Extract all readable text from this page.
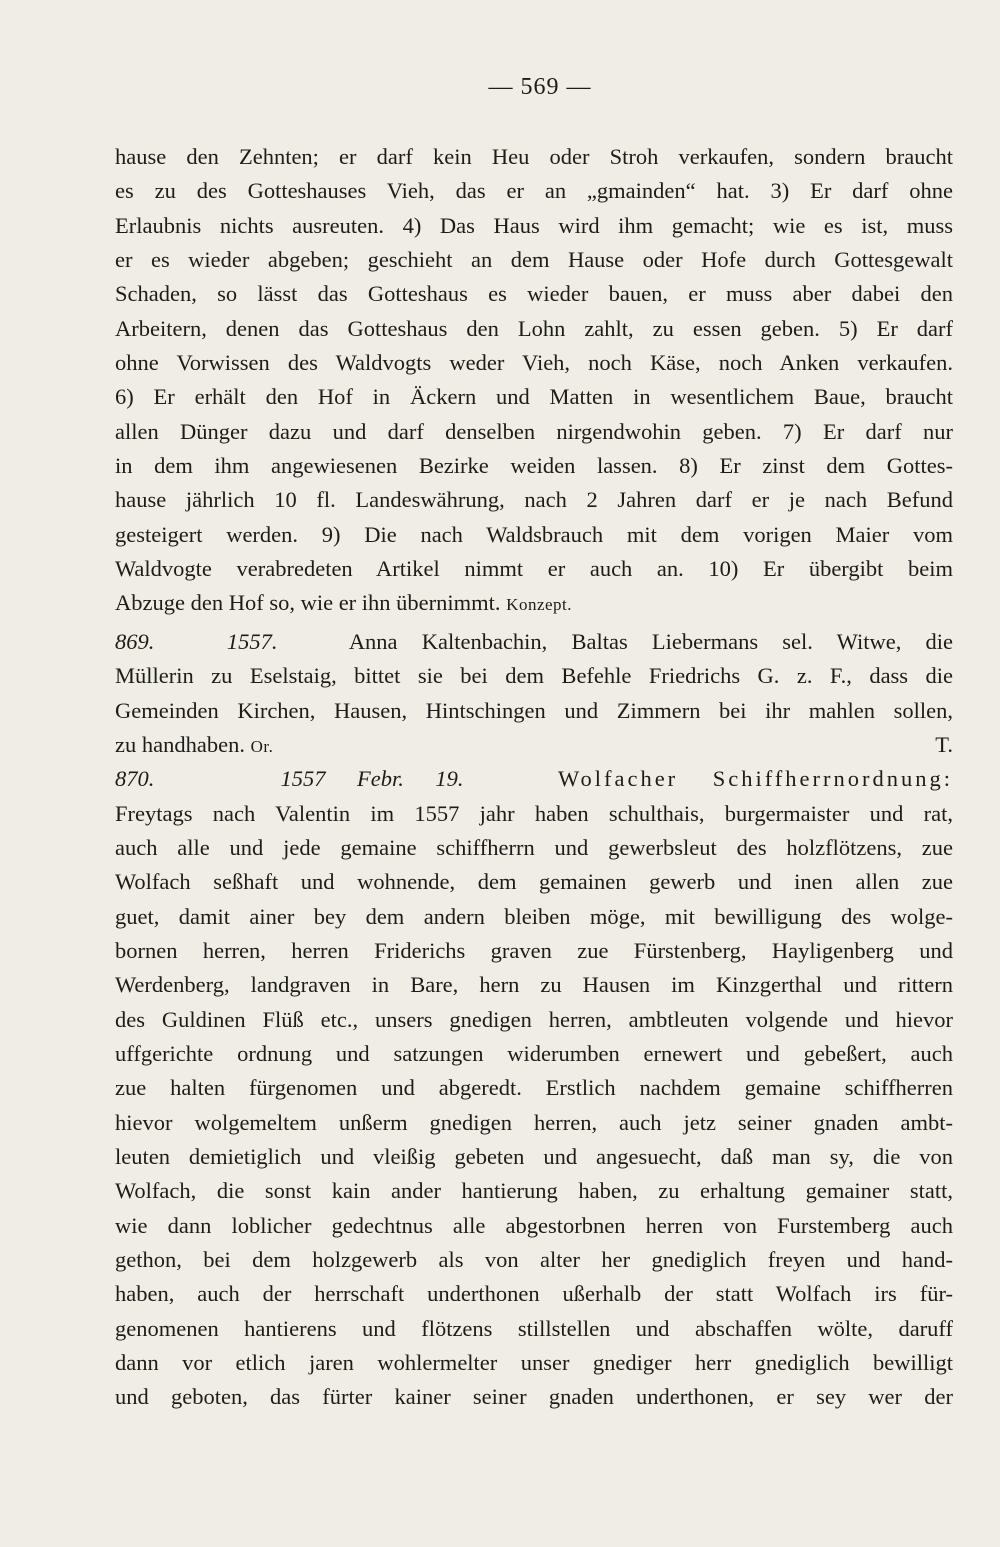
— 569 —
hause den Zehnten; er darf kein Heu oder Stroh verkaufen, sondern braucht
es zu des Gotteshauses Vieh, das er an „gmainden“ hat. 3) Er darf ohne
Erlaubnis nichts ausreuten. 4) Das Haus wird ihm gemacht; wie es ist, muss
er es wieder abgeben; geschieht an dem Hause oder Hofe durch Gottesgewalt
Schaden, so lässt das Gotteshaus es wieder bauen, er muss aber dabei den
Arbeitern, denen das Gotteshaus den Lohn zahlt, zu essen geben. 5) Er darf
ohne Vorwissen des Waldvogts weder Vieh, noch Käse, noch Anken verkaufen.
6) Er erhält den Hof in Äckern und Matten in wesentlichem Baue, braucht
allen Dünger dazu und darf denselben nirgendwohin geben. 7) Er darf nur
in dem ihm angewiesenen Bezirke weiden lassen. 8) Er zinst dem Gottes-
hause jährlich 10 fl. Landeswährung, nach 2 Jahren darf er je nach Befund
gesteigert werden. 9) Die nach Waldsbrauch mit dem vorigen Maier vom
Waldvogte verabredeten Artikel nimmt er auch an. 10) Er übergibt beim
Abzuge den Hof so, wie er ihn übernimmt. Konzept.
869.	1557.	Anna Kaltenbachin, Baltas Liebermans sel. Witwe, die
Müllerin zu Eselstaig, bittet sie bei dem Befehle Friedrichs G. z. F., dass die
Gemeinden Kirchen, Hausen, Hintschingen und Zimmern bei ihr mahlen sollen,
zu handhaben. Or.	T.
870.	1557 Febr. 19.	Wolfacher Schiffherrnordnung:
Freytags nach Valentin im 1557 jahr haben schulthais, burgermaister und rat,
auch alle und jede gemaine schiffherrn und gewerbsleut des holzflötzens, zue
Wolfach seßhaft und wohnende, dem gemainen gewerb und inen allen zue
guet, damit ainer bey dem andern bleiben möge, mit bewilligung des wolge-
bornen herren, herren Friderichs graven zue Fürstenberg, Hayligenberg und
Werdenberg, landgraven in Bare, hern zu Hausen im Kinzgerthal und rittern
des Guldinen Flüß etc., unsers gnedigen herren, ambtleuten volgende und hievor
uffgerichte ordnung und satzungen widerumben ernewert und gebeßert, auch
zue halten fürgenomen und abgeredt. Erstlich nachdem gemaine schiffherren
hievor wolgemeltem unßerm gnedigen herren, auch jetz seiner gnaden ambt-
leuten demietiglich und vleißig gebeten und angesuecht, daß man sy, die von
Wolfach, die sonst kain ander hantierung haben, zu erhaltung gemainer statt,
wie dann loblicher gedechtnus alle abgestorbnen herren von Furstemberg auch
gethon, bei dem holzgewerb als von alter her gnediglich freyen und hand-
haben, auch der herrschaft underthonen ußerhalb der statt Wolfach irs für-
genomenen hantierens und flötzens stillstellen und abschaffen wölte, daruff
dann vor etlich jaren wohlermelter unser gnediger herr gnediglich bewilligt
und geboten, das fürter kainer seiner gnaden underthonen, er sey wer der
